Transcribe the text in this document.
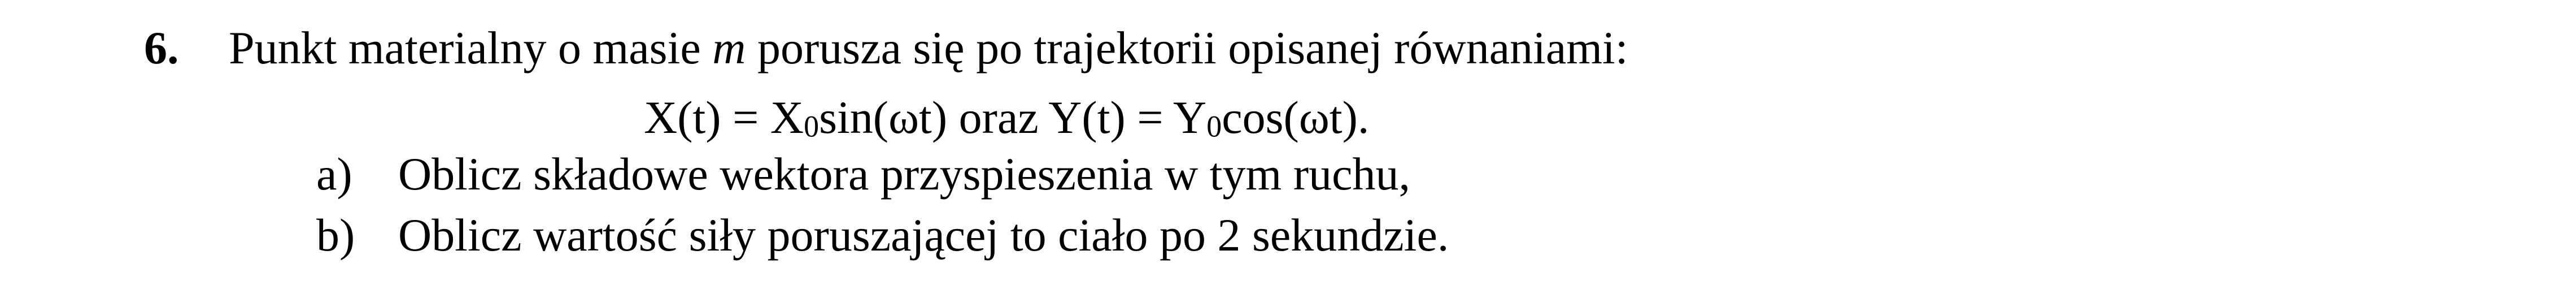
6. Punkt materialny o masie m porusza się po trajektorii opisanej równaniami:
$X(t) = X_0\sin(\omega t)$ oraz $Y(t) = Y_0\cos(\omega t)$.
a) Oblicz składowe wektora przyspieszenia w tym ruchu,
b) Oblicz wartość siły poruszającej to ciało po 2 sekundzie.
